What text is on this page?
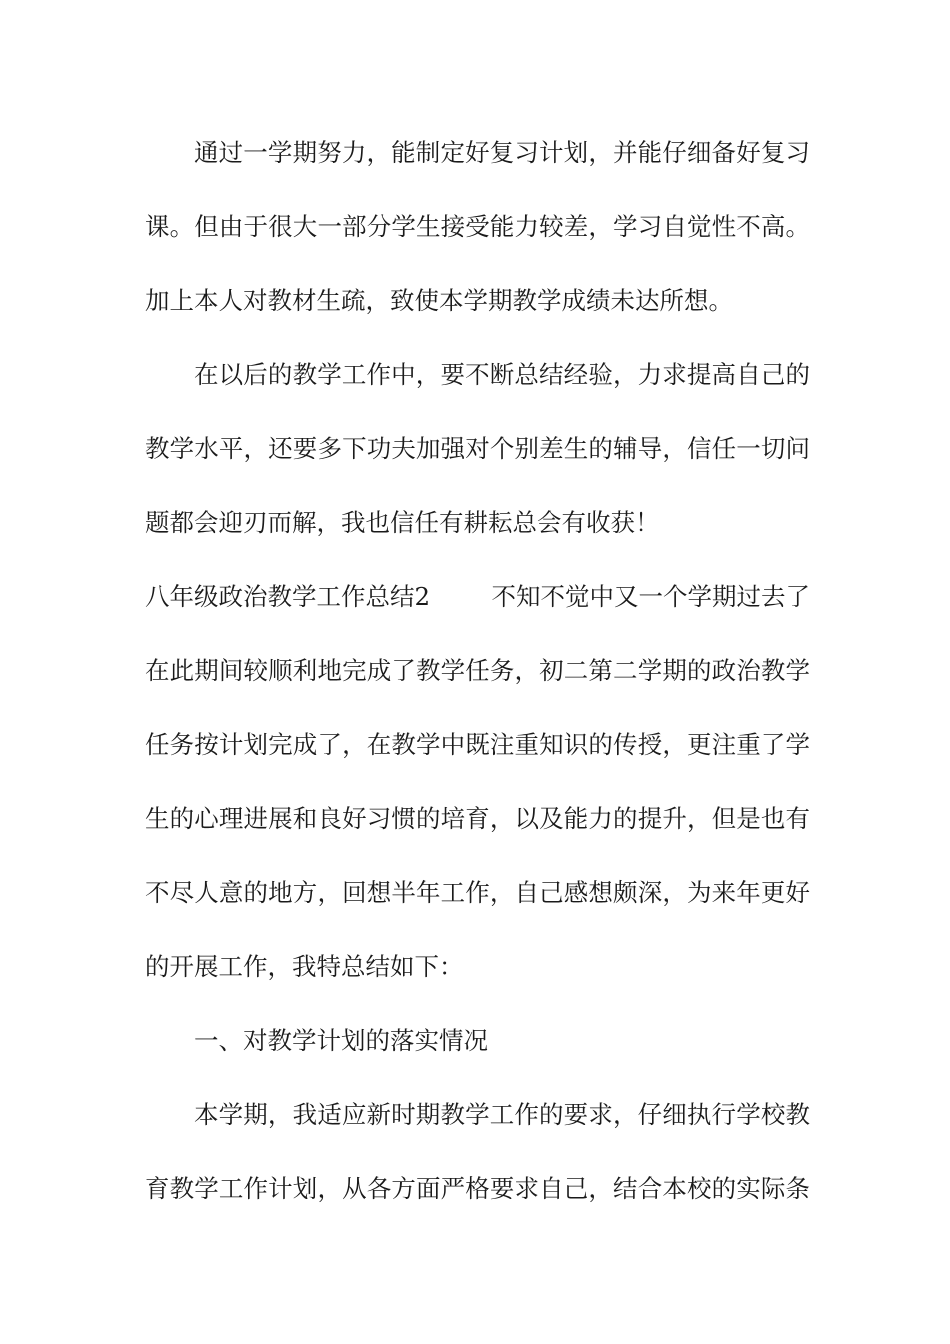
通过一学期努力，能制定好复习计划，并能仔细备好复习
课。但由于很大一部分学生接受能力较差，学习自觉性不高。
加上本人对教材生疏，致使本学期教学成绩未达所想。
在以后的教学工作中，要不断总结经验，力求提高自己的
教学水平，还要多下功夫加强对个别差生的辅导，信任一切问
题都会迎刃而解，我也信任有耕耘总会有收获！
八年级政治教学工作总结2	不知不觉中又一个学期过去了
在此期间较顺利地完成了教学任务，初二第二学期的政治教学
任务按计划完成了，在教学中既注重知识的传授，更注重了学
生的心理进展和良好习惯的培育，以及能力的提升，但是也有
不尽人意的地方，回想半年工作，自己感想颇深，为来年更好
的开展工作，我特总结如下：
一、对教学计划的落实情况
本学期，我适应新时期教学工作的要求，仔细执行学校教
育教学工作计划，从各方面严格要求自己，结合本校的实际条
